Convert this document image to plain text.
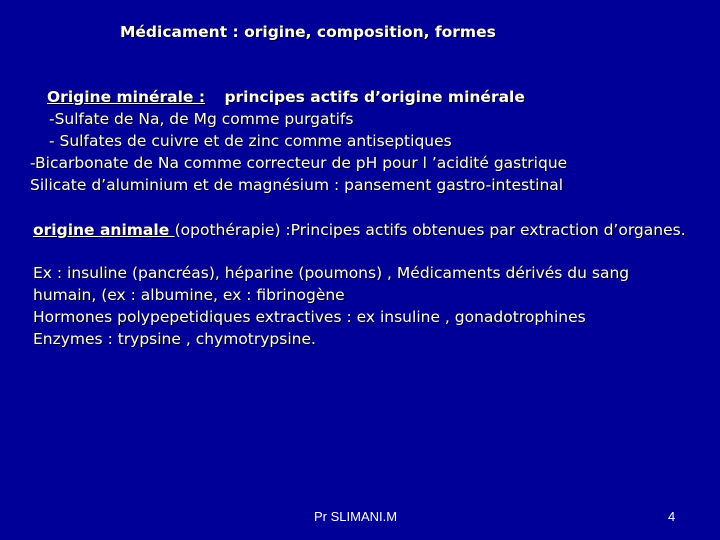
Médicament : origine, composition, formes
Origine minérale : principes actifs d’origine minérale
-Sulfate de Na, de Mg comme purgatifs
- Sulfates de cuivre et de zinc comme antiseptiques
-Bicarbonate de Na comme correcteur de pH pour l ’acidité gastrique
Silicate d’aluminium et de magnésium : pansement gastro-intestinal
origine animale (opothérapie) :Principes actifs obtenues par extraction d’organes.
Ex : insuline (pancréas), héparine (poumons) , Médicaments dérivés du sang
humain, (ex : albumine, ex : fibrinogène
Hormones polypepetidiques extractives : ex insuline , gonadotrophines
Enzymes : trypsine , chymotrypsine.
Pr SLIMANI.M	4
